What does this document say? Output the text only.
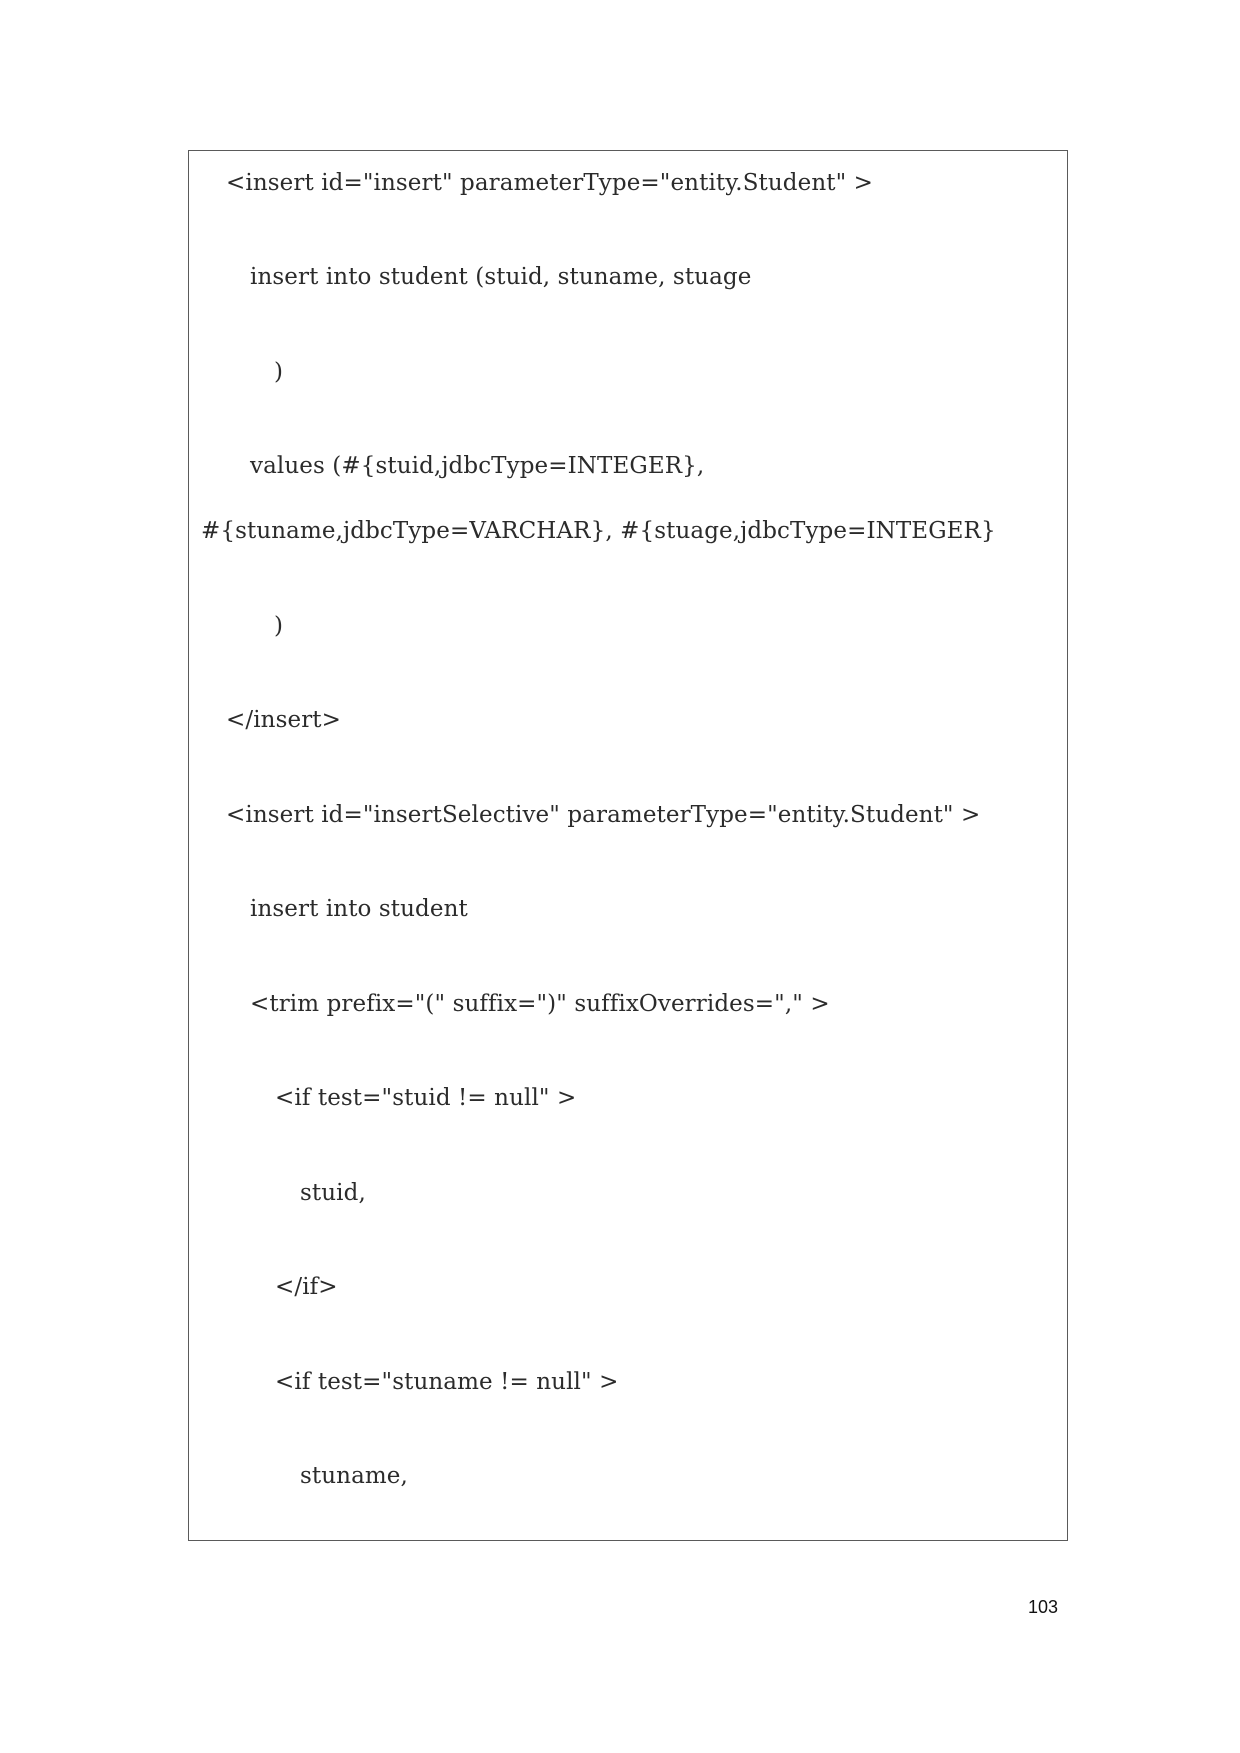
<insert id="insert" parameterType="entity.Student" >
insert into student (stuid, stuname, stuage
)
values (#{stuid,jdbcType=INTEGER},
#{stuname,jdbcType=VARCHAR}, #{stuage,jdbcType=INTEGER}
)
</insert>
<insert id="insertSelective" parameterType="entity.Student" >
insert into student
<trim prefix="(" suffix=")" suffixOverrides="," >
<if test="stuid != null" >
stuid,
</if>
<if test="stuname != null" >
stuname,
103
